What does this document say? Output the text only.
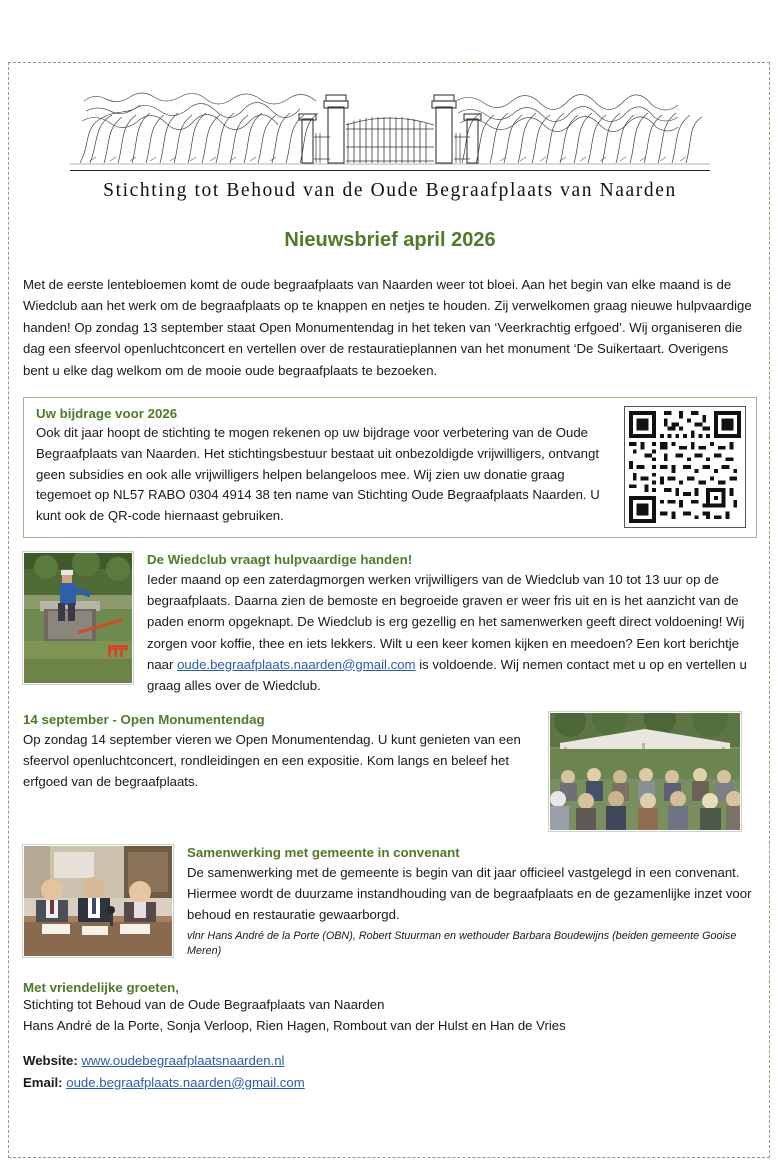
Stichting tot Behoud van de Oude Begraafplaats van Naarden
Nieuwsbrief april 2026
Met de eerste lentebloemen komt de oude begraafplaats van Naarden weer tot bloei. Aan het begin van elke maand is de Wiedclub aan het werk om de begraafplaats op te knappen en netjes te houden. Zij verwelkomen graag nieuwe hulpvaardige handen! Op zondag 13 september staat Open Monumentendag in het teken van ‘Veerkrachtig erfgoed’. Wij organiseren die dag een sfeervol openluchtconcert en vertellen over de restauratieplannen van het monument ‘De Suikertaart. Overigens bent u elke dag welkom om de mooie oude begraafplaats te bezoeken.
Uw bijdrage voor 2026
Ook dit jaar hoopt de stichting te mogen rekenen op uw bijdrage voor verbetering van de Oude Begraafplaats van Naarden. Het stichtingsbestuur bestaat uit onbezoldigde vrijwilligers, ontvangt geen subsidies en ook alle vrijwilligers helpen belangeloos mee. Wij zien uw donatie graag tegemoet op NL57 RABO 0304 4914 38 ten name van Stichting Oude Begraafplaats Naarden. U kunt ook de QR-code hiernaast gebruiken.
De Wiedclub vraagt hulpvaardige handen!
Ieder maand op een zaterdagmorgen werken vrijwilligers van de Wiedclub van 10 tot 13 uur op de begraafplaats. Daarna zien de bemoste en begroeide graven er weer fris uit en is het aanzicht van de paden enorm opgeknapt. De Wiedclub is erg gezellig en het samenwerken geeft direct voldoening! Wij zorgen voor koffie, thee en iets lekkers. Wilt u een keer komen kijken en meedoen? Een kort berichtje naar oude.begraafplaats.naarden@gmail.com is voldoende. Wij nemen contact met u op en vertellen u graag alles over de Wiedclub.
14 september - Open Monumentendag
Op zondag 14 september vieren we Open Monumentendag. U kunt genieten van een sfeervol openluchtconcert, rondleidingen en een expositie. Kom langs en beleef het erfgoed van de begraafplaats.
Samenwerking met gemeente in convenant
De samenwerking met de gemeente is begin van dit jaar officieel vastgelegd in een convenant. Hiermee wordt de duurzame instandhouding van de begraafplaats en de gezamenlijke inzet voor behoud en restauratie gewaarborgd.
vlnr Hans André de la Porte (OBN), Robert Stuurman en wethouder Barbara Boudewijns (beiden gemeente Gooise Meren)
Met vriendelijke groeten,
Stichting tot Behoud van de Oude Begraafplaats van Naarden
Hans André de la Porte, Sonja Verloop, Rien Hagen, Rombout van der Hulst en Han de Vries
Website: www.oudebegraafplaatsnaarden.nl
Email: oude.begraafplaats.naarden@gmail.com
